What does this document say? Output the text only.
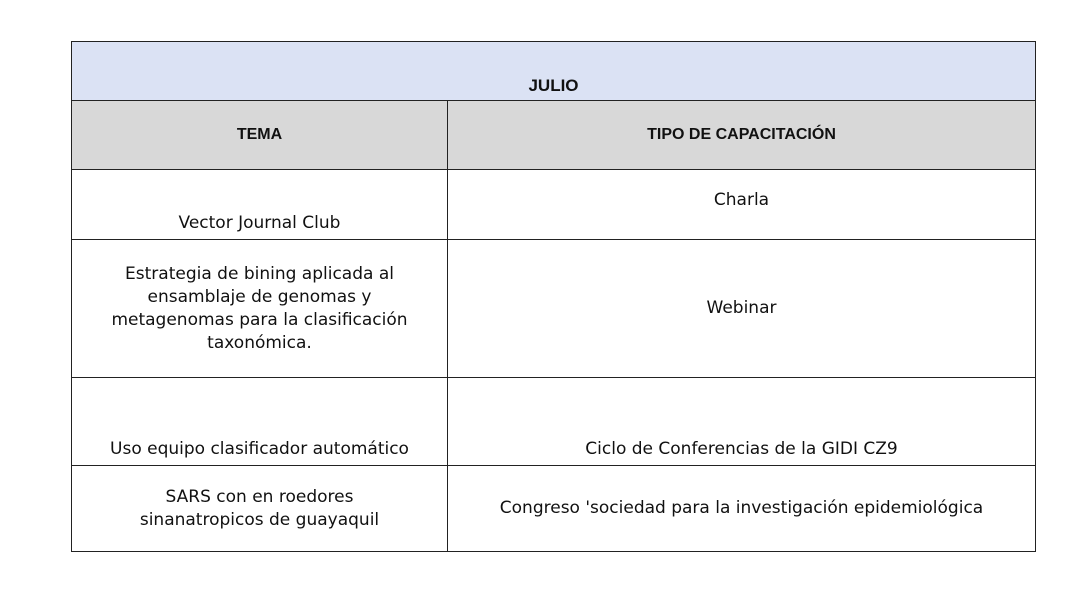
JULIO	
TEMA	TIPO DE CAPACITACIÓN
Vector Journal Club	Charla

Estrategia de bining aplicada al
ensamblaje de genomas y
metagenomas para la clasificación
taxonómica.	Webinar
Uso equipo clasificador automático	Ciclo de Conferencias de la GIDI CZ9

SARS con en roedores
sinanatropicos de guayaquil	Congreso 'sociedad para la investigación epidemiológica
